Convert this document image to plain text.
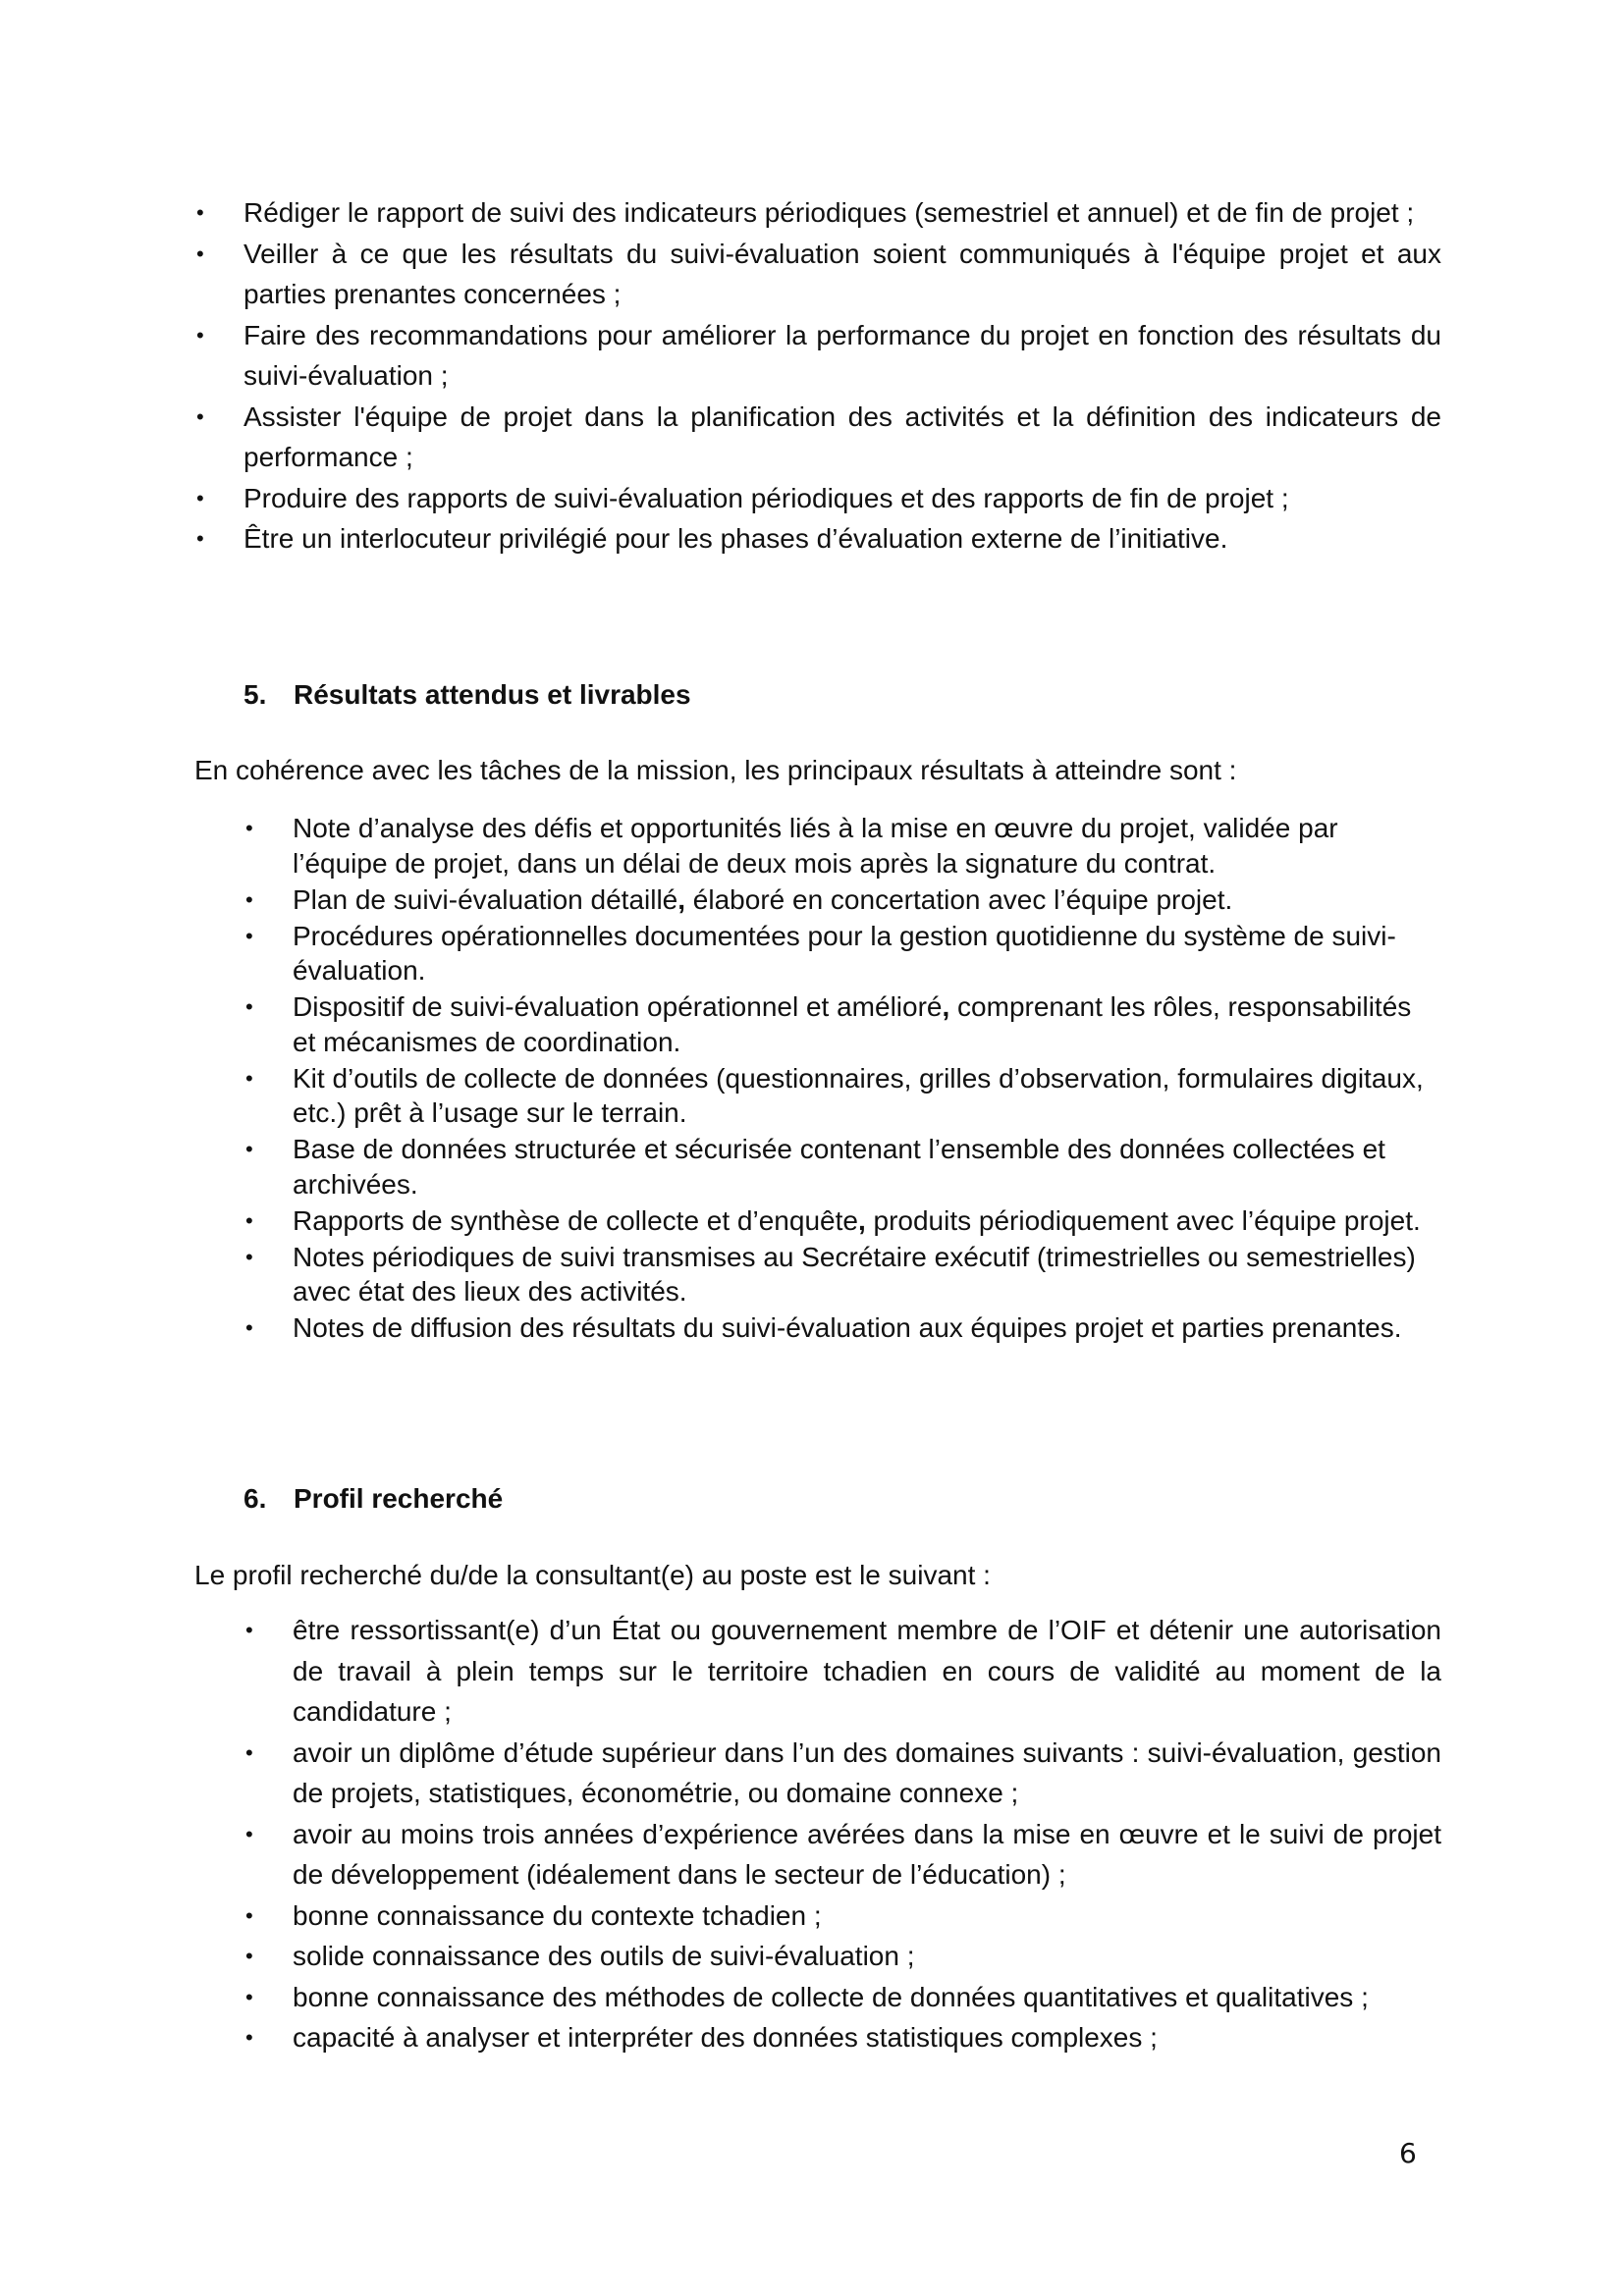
•	Rédiger le rapport de suivi des indicateurs périodiques (semestriel et annuel) et de fin de projet ;
•	Veiller à ce que les résultats du suivi-évaluation soient communiqués à l'équipe projet et aux parties prenantes concernées ;
•	Faire des recommandations pour améliorer la performance du projet en fonction des résultats du suivi-évaluation ;
•	Assister l'équipe de projet dans la planification des activités et la définition des indicateurs de performance ;
•	Produire des rapports de suivi-évaluation périodiques et des rapports de fin de projet ;
•	Être un interlocuteur privilégié pour les phases d’évaluation externe de l’initiative.
5. Résultats attendus et livrables
En cohérence avec les tâches de la mission, les principaux résultats à atteindre sont :
•	Note d’analyse des défis et opportunités liés à la mise en œuvre du projet, validée par l’équipe de projet, dans un délai de deux mois après la signature du contrat.
•	Plan de suivi-évaluation détaillé, élaboré en concertation avec l’équipe projet.
•	Procédures opérationnelles documentées pour la gestion quotidienne du système de suivi-évaluation.
•	Dispositif de suivi-évaluation opérationnel et amélioré, comprenant les rôles, responsabilités et mécanismes de coordination.
•	Kit d’outils de collecte de données (questionnaires, grilles d’observation, formulaires digitaux, etc.) prêt à l’usage sur le terrain.
•	Base de données structurée et sécurisée contenant l’ensemble des données collectées et archivées.
•	Rapports de synthèse de collecte et d’enquête, produits périodiquement avec l’équipe projet.
•	Notes périodiques de suivi transmises au Secrétaire exécutif (trimestrielles ou semestrielles) avec état des lieux des activités.
•	Notes de diffusion des résultats du suivi-évaluation aux équipes projet et parties prenantes.
6. Profil recherché
Le profil recherché du/de la consultant(e) au poste est le suivant :
•	être ressortissant(e) d’un État ou gouvernement membre de l’OIF et détenir une autorisation de travail à plein temps sur le territoire tchadien en cours de validité au moment de la candidature ;
•	avoir un diplôme d’étude supérieur dans l’un des domaines suivants : suivi-évaluation, gestion de projets, statistiques, économétrie, ou domaine connexe ;
•	avoir au moins trois années d’expérience avérées dans la mise en œuvre et le suivi de projet de développement (idéalement dans le secteur de l’éducation) ;
•	bonne connaissance du contexte tchadien ;
•	solide connaissance des outils de suivi-évaluation ;
•	bonne connaissance des méthodes de collecte de données quantitatives et qualitatives ;
•	capacité à analyser et interpréter des données statistiques complexes ;
6
